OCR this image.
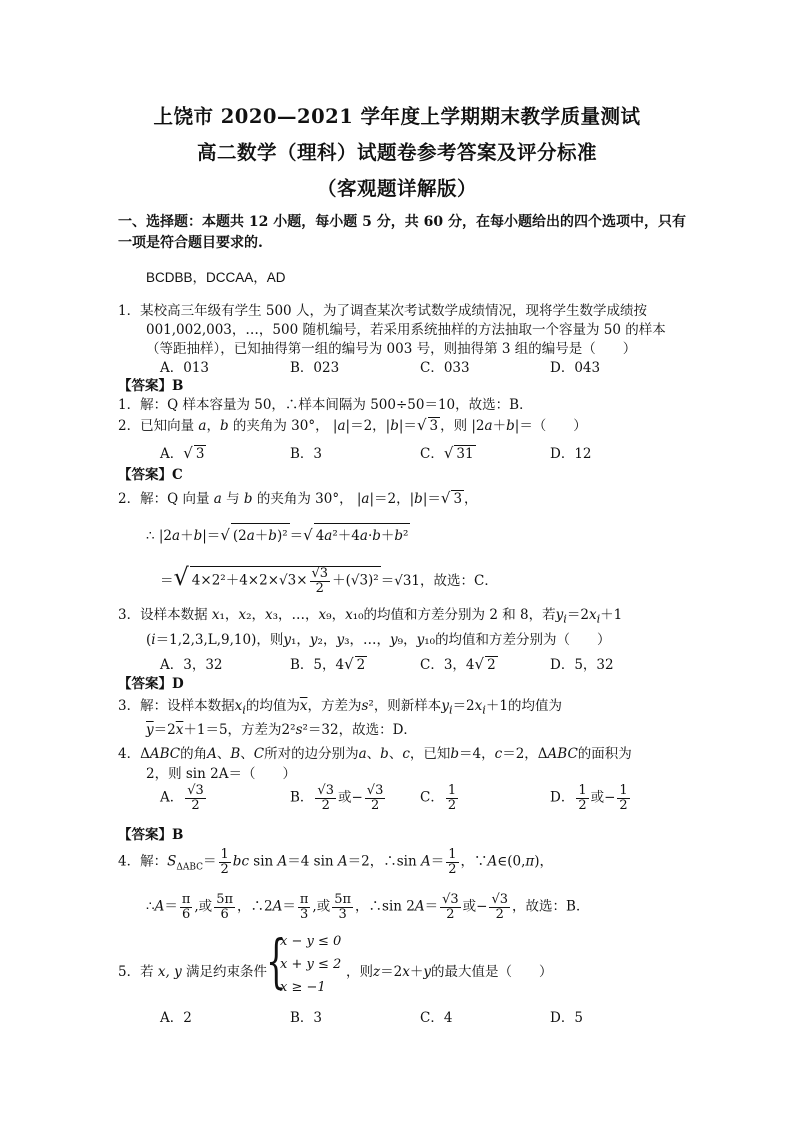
上饶市 2020—2021 学年度上学期期末教学质量测试
高二数学（理科）试题卷参考答案及评分标准
（客观题详解版）
一、选择题：本题共 12 小题，每小题 5 分，共 60 分，在每小题给出的四个选项中，只有
一项是符合题目要求的.
BCDBB，DCCAA，AD
1．某校高三年级有学生 500 人，为了调查某次考试数学成绩情况，现将学生数学成绩按
001,002,003，…，500 随机编号，若采用系统抽样的方法抽取一个容量为 50 的样本
（等距抽样），已知抽得第一组的编号为 003 号，则抽得第 3 组的编号是（　　）
A．013	B．023	C．033	D．043
【答案】B
1．解：Q 样本容量为 50，∴样本间隔为 500÷50＝10，故选：B．
2．已知向量 a，b 的夹角为 30°， |a|＝2，|b|＝√ 3 ，则 |2a＋b|＝（　　）
A．√ 3	B．3	C．√ 31	D．12
【答案】C
2．解：Q 向量 a 与 b 的夹角为 30°， |a|＝2，|b|＝√ 3 ，
∴ |2a＋b|＝√ (2a＋b)² ＝√ 4a²＋4a·b＋b²
＝√ $4\times 2^2+4\times 2\times√3\times \frac{√3}{2} +(√3)^2 =√31$，故选：C．
3．设样本数据 x₁，x₂，x₃，…，x₉，x₁₀的均值和方差分别为 2 和 8，若$y_i=2x_i+1$
(i＝1,2,3,L,9,10)，则y₁，y₂，y₃，…，y₉，y₁₀的均值和方差分别为（　　）
A．3，32	B．5，4√ 2	C．3，4√ 2	D．5，32
【答案】D
3．解：设样本数据$x_i$的均值为$\overline{x}$，方差为s²，则新样本$y_i=2x_i+1$的均值为
$\overline{y}=2\overline{x}+1=5$，方差为2²s²＝32，故选：D．
4．ΔABC的角A、B、C所对的边分别为a、b、c，已知b＝4，c＝2，ΔABC的面积为
2，则 sin 2A＝（　　）
A． $\frac{√3}{2}$	B． $\frac{√3}{2}$ 或− $\frac{√3}{2}$	C． $\frac{1}{2}$	D． $\frac{1}{2}$ 或− $\frac{1}{2}$
【答案】B
4．解：$S_{\Delta ABC}= \frac{1}{2}$ bc sin A＝4 sin A＝2，∴sin $A= \frac{1}{2}$ ，∵A∈(0,π)，
∴A＝ $\frac{\pi}{6}$ ,或 $\frac{5\pi}{6}$ ，∴2A＝ $\frac{\pi}{3}$ ,或 $\frac{5\pi}{3}$ ，∴sin $2A= \frac{√3}{2}$ 或− $\frac{√3}{2}$ ，故选：B．
5．若 x, y 满足约束条件
{
x − y ≤ 0
x + y ≤ 2
x ≥ −1
，则z＝2x＋y的最大值是（　　）
A．2	B．3	C．4	D．5
